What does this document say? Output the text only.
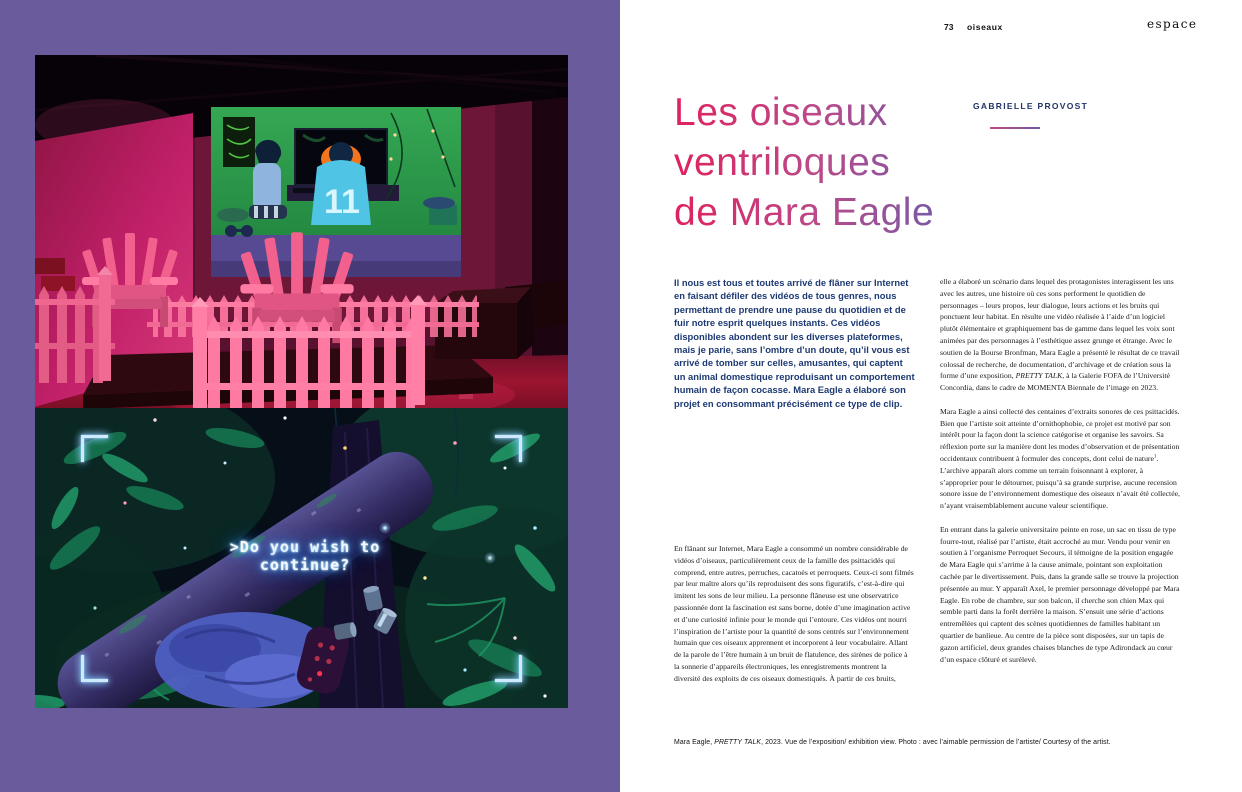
11
>Do you wish to
continue?
73 oiseaux	espace
Les oiseaux
ventriloques
de Mara Eagle
GABRIELLE PROVOST
Il nous est tous et toutes arrivé de flâner sur Internet en faisant défiler des vidéos de tous genres, nous permettant de prendre une pause du quotidien et de fuir notre esprit quelques instants. Ces vidéos disponibles abondent sur les diverses plateformes, mais je parie, sans l’ombre d’un doute, qu’il vous est arrivé de tomber sur celles, amusantes, qui captent un animal domestique reproduisant un comportement humain de façon cocasse. Mara Eagle a élaboré son projet en consommant précisément ce type de clip.

En flânant sur Internet, Mara Eagle a consommé un nombre considérable de vidéos d’oiseaux, particulièrement ceux de la famille des psittacidés qui comprend, entre autres, perruches, cacatoès et perroquets. Ceux-ci sont filmés par leur maître alors qu’ils reproduisent des sons figuratifs, c’est-à-dire qui imitent les sons de leur milieu. La personne flâneuse est une observatrice passionnée dont la fascination est sans borne, dotée d’une imagination active et d’une curiosité infinie pour le monde qui l’entoure. Ces vidéos ont nourri l’inspiration de l’artiste pour la quantité de sons centrés sur l’environnement humain que ces oiseaux apprennent et incorporent à leur vocabulaire. Allant de la parole de l’être humain à un bruit de flatulence, des sirènes de police à la sonnerie d’appareils électroniques, les enregistrements montrent la diversité des exploits de ces oiseaux domestiqués. À partir de ces bruits,

elle a élaboré un scénario dans lequel des protagonistes interagissent les uns avec les autres, une histoire où ces sons performent le quotidien de personnages – leurs propos, leur dialogue, leurs actions et les bruits qui ponctuent leur habitat. En résulte une vidéo réalisée à l’aide d’un logiciel plutôt élémentaire et graphiquement bas de gamme dans lequel les voix sont animées par des personnages à l’esthétique assez grunge et étrange. Avec le soutien de la Bourse Bronfman, Mara Eagle a présenté le résultat de ce travail colossal de recherche, de documentation, d’archivage et de création sous la forme d’une exposition, PRETTY TALK, à la Galerie FOFA de l’Université Concordia, dans le cadre de MOMENTA Biennale de l’image en 2023.

Mara Eagle a ainsi collecté des centaines d’extraits sonores de ces psittacidés. Bien que l’artiste soit atteinte d’ornithophobie, ce projet est motivé par son intérêt pour la façon dont la science catégorise et organise les savoirs. Sa réflexion porte sur la manière dont les modes d’observation et de présentation occidentaux contribuent à formuler des concepts, dont celui de nature$^1$. L’archive apparaît alors comme un terrain foisonnant à explorer, à s’approprier pour le détourner, puisqu’à sa grande surprise, aucune recension sonore issue de l’environnement domestique des oiseaux n’avait été collectée, n’ayant vraisemblablement aucune valeur scientifique.

En entrant dans la galerie universitaire peinte en rose, un sac en tissu de type fourre-tout, réalisé par l’artiste, était accroché au mur. Vendu pour venir en soutien à l’organisme Perroquet Secours, il témoigne de la position engagée de Mara Eagle qui s’arrime à la cause animale, pointant son exploitation cachée par le divertissement. Puis, dans la grande salle se trouve la projection présentée au mur. Y apparaît Axel, le premier personnage développé par Mara Eagle. En robe de chambre, sur son balcon, il cherche son chien Max qui semble parti dans la forêt derrière la maison. S’ensuit une série d’actions entremêlées qui captent des scènes quotidiennes de familles habitant un quartier de banlieue. Au centre de la pièce sont disposées, sur un tapis de gazon artificiel, deux grandes chaises blanches de type Adirondack au cœur d’un espace clôturé et surélevé.

Mara Eagle, PRETTY TALK, 2023. Vue de l’exposition/ exhibition view. Photo : avec l’aimable permission de l’artiste/ Courtesy of the artist.
